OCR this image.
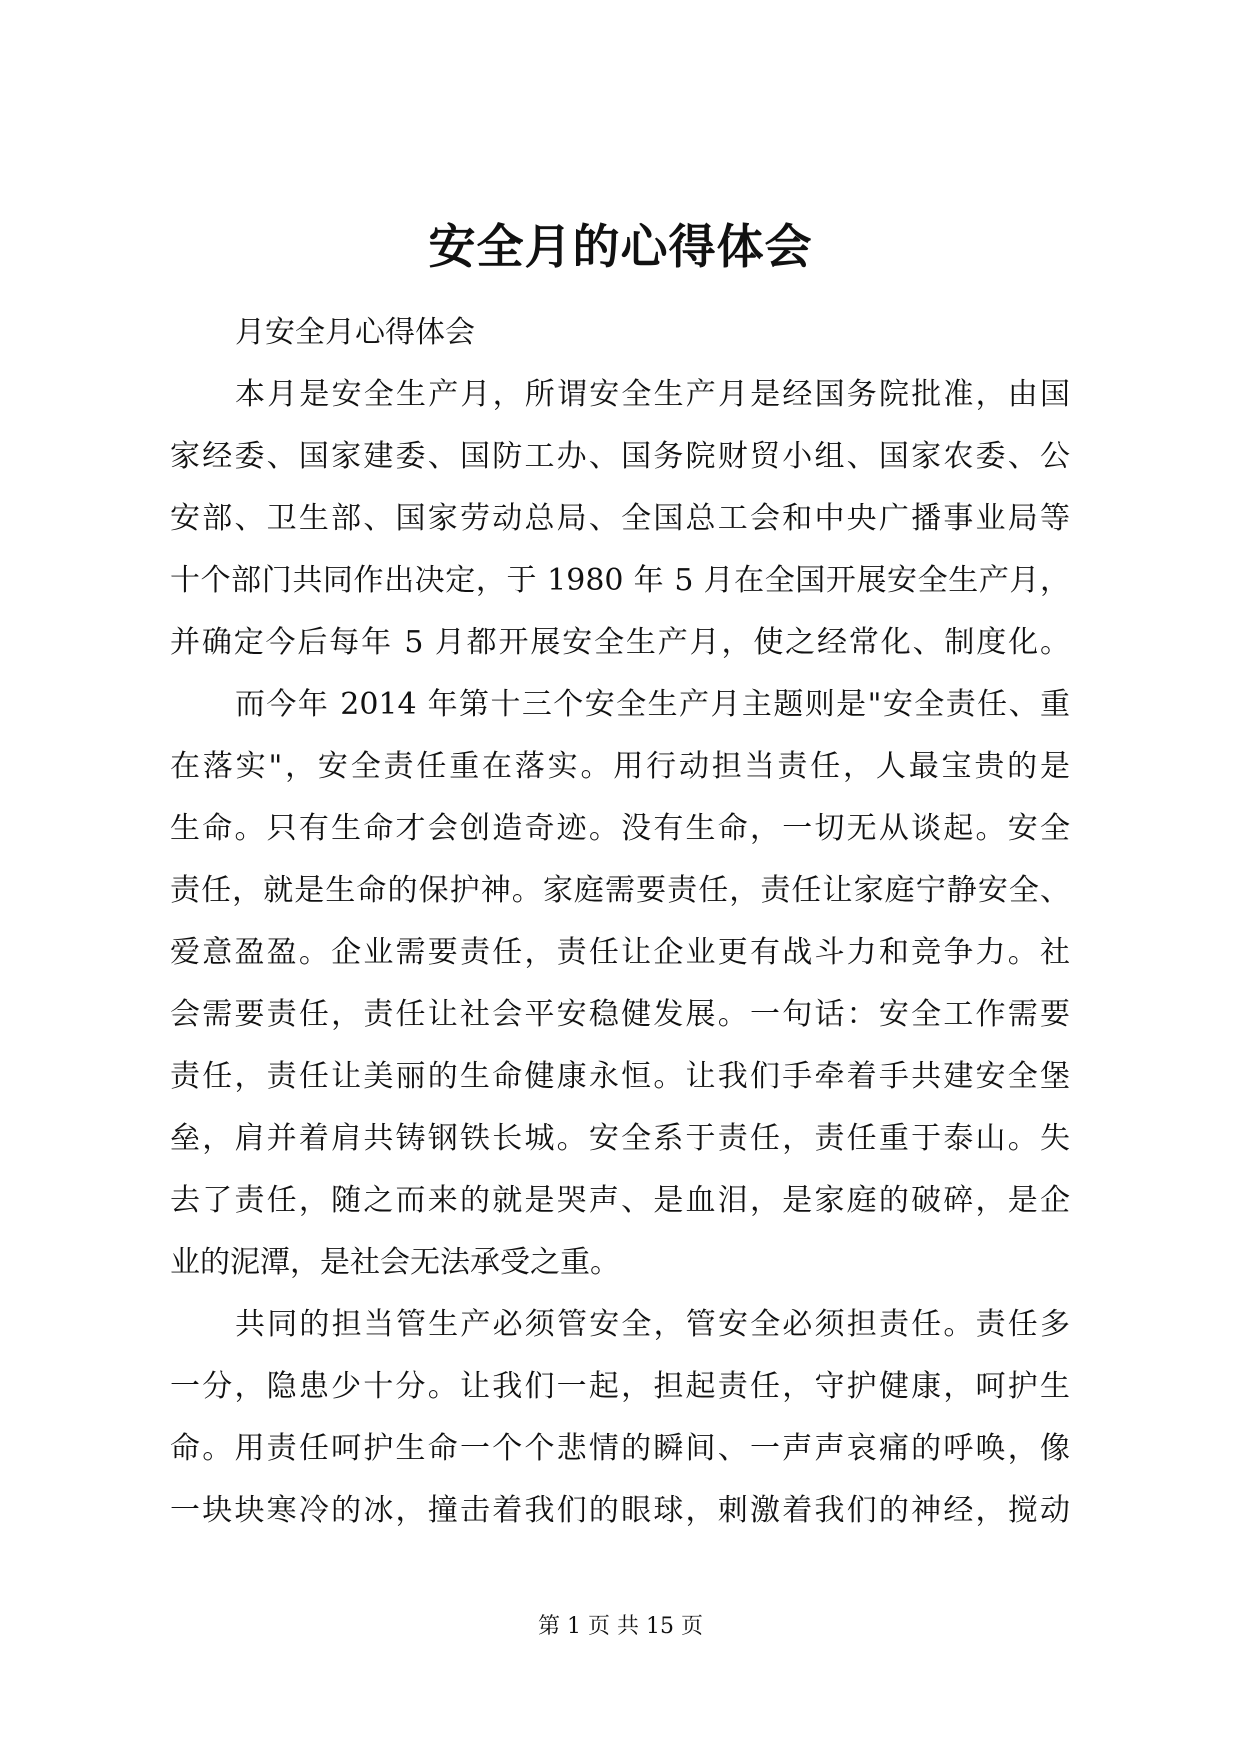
安全月的心得体会
月安全月心得体会
本月是安全生产月，所谓安全生产月是经国务院批准，由国
家经委、国家建委、国防工办、国务院财贸小组、国家农委、公
安部、卫生部、国家劳动总局、全国总工会和中央广播事业局等
十个部门共同作出决定，于 1980 年 5 月在全国开展安全生产月，
并确定今后每年 5 月都开展安全生产月，使之经常化、制度化。
而今年 2014 年第十三个安全生产月主题则是"安全责任、重
在落实"，安全责任重在落实。用行动担当责任，人最宝贵的是
生命。只有生命才会创造奇迹。没有生命，一切无从谈起。安全
责任，就是生命的保护神。家庭需要责任，责任让家庭宁静安全、
爱意盈盈。企业需要责任，责任让企业更有战斗力和竞争力。社
会需要责任，责任让社会平安稳健发展。一句话：安全工作需要
责任，责任让美丽的生命健康永恒。让我们手牵着手共建安全堡
垒，肩并着肩共铸钢铁长城。安全系于责任，责任重于泰山。失
去了责任，随之而来的就是哭声、是血泪，是家庭的破碎，是企
业的泥潭，是社会无法承受之重。
共同的担当管生产必须管安全，管安全必须担责任。责任多
一分，隐患少十分。让我们一起，担起责任，守护健康，呵护生
命。用责任呵护生命一个个悲情的瞬间、一声声哀痛的呼唤，像
一块块寒冷的冰，撞击着我们的眼球，刺激着我们的神经，搅动
第 1 页 共 15 页
